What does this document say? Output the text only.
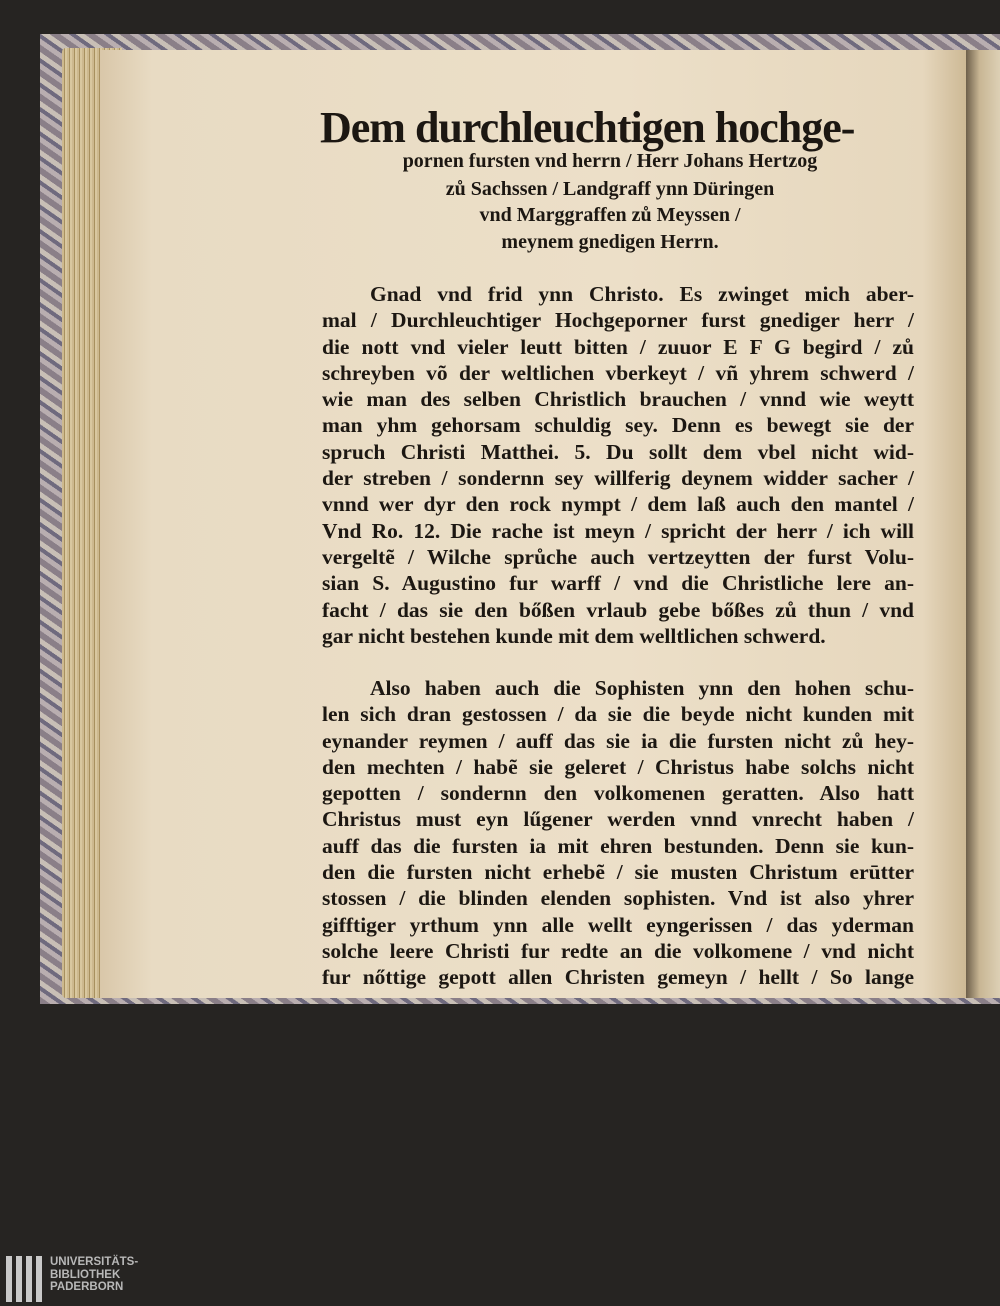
Dem durchleuchtigen hochge-
pornen fursten vnd herrn / Herr Johans Hertzog
zů Sachssen / Landgraff ynn Düringen
vnd Marggraffen zů Meyssen /
meynem gnedigen Herrn.
Gnad vnd frid ynn Christo. Es zwinget mich aber-
mal / Durchleuchtiger Hochgeporner furst gnediger herr /
die nott vnd vieler leutt bitten / zuuor E F G begird / zů
schreyben võ der weltlichen vberkeyt / vñ yhrem schwerd /
wie man des selben Christlich brauchen / vnnd wie weytt
man yhm gehorsam schuldig sey. Denn es bewegt sie der
spruch Christi Matthei. 5. Du sollt dem vbel nicht wid-
der streben / sondernn sey willferig deynem widder sacher /
vnnd wer dyr den rock nympt / dem laß auch den mantel /
Vnd Ro. 12. Die rache ist meyn / spricht der herr / ich will
vergeltẽ / Wilche sprůche auch vertzeytten der furst Volu-
sian S. Augustino fur warff / vnd die Christliche lere an-
facht / das sie den bőßen vrlaub gebe bőßes zů thun / vnd
gar nicht bestehen kunde mit dem welltlichen schwerd.
Also haben auch die Sophisten ynn den hohen schu-
len sich dran gestossen / da sie die beyde nicht kunden mit
eynander reymen / auff das sie ia die fursten nicht zů hey-
den mechten / habẽ sie geleret / Christus habe solchs nicht
gepotten / sondernn den volkomenen geratten. Also hatt
Christus must eyn lűgener werden vnnd vnrecht haben /
auff das die fursten ia mit ehren bestunden. Denn sie kun-
den die fursten nicht erhebẽ / sie musten Christum erūtter
stossen / die blinden elenden sophisten. Vnd ist also yhrer
gifftiger yrthum ynn alle wellt eyngerissen / das yderman
solche leere Christi fur redte an die volkomene / vnd nicht
fur nőttige gepott allen Christen gemeyn / hellt / So lange
UNIVERSITÄTS-
BIBLIOTHEK
PADERBORN
